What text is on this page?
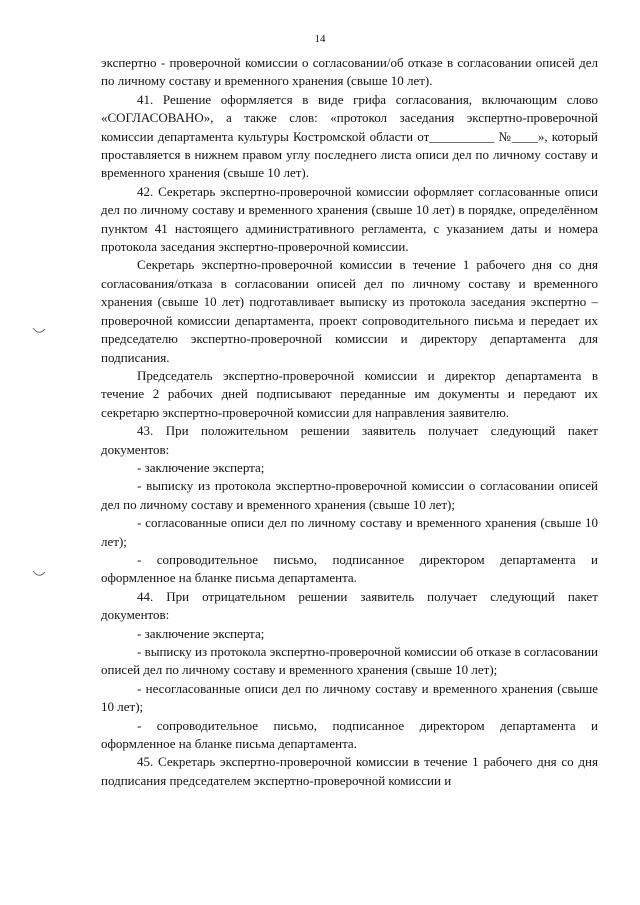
14

экспертно - проверочной комиссии о согласовании/об отказе в согласовании описей дел по личному составу и временного хранения (свыше 10 лет).

41. Решение оформляется в виде грифа согласования, включающим слово «СОГЛАСОВАНО», а также слов: «протокол заседания экспертно-проверочной комиссии департамента культуры Костромской области от__________ №____», который проставляется в нижнем правом углу последнего листа описи дел по личному составу и временного хранения (свыше 10 лет).

42. Секретарь экспертно-проверочной комиссии оформляет согласованные описи дел по личному составу и временного хранения (свыше 10 лет) в порядке, определённом пунктом 41 настоящего административного регламента, с указанием даты и номера протокола заседания экспертно-проверочной комиссии.

Секретарь экспертно-проверочной комиссии в течение 1 рабочего дня со дня согласования/отказа в согласовании описей дел по личному составу и временного хранения (свыше 10 лет) подготавливает выписку из протокола заседания экспертно – проверочной комиссии департамента, проект сопроводительного письма и передает их председателю экспертно-проверочной комиссии и директору департамента для подписания.

Председатель экспертно-проверочной комиссии и директор департамента в течение 2 рабочих дней подписывают переданные им документы и передают их секретарю экспертно-проверочной комиссии для направления заявителю.

43. При положительном решении заявитель получает следующий пакет документов:

- заключение эксперта;

- выписку из протокола экспертно-проверочной комиссии о согласовании описей дел по личному составу и временного хранения (свыше 10 лет);

- согласованные описи дел по личному составу и временного хранения (свыше 10 лет);

- сопроводительное письмо, подписанное директором департамента и оформленное на бланке письма департамента.

44. При отрицательном решении заявитель получает следующий пакет документов:

- заключение эксперта;

- выписку из протокола экспертно-проверочной комиссии об отказе в согласовании описей дел по личному составу и временного хранения (свыше 10 лет);

- несогласованные описи дел по личному составу и временного хранения (свыше 10 лет);

- сопроводительное письмо, подписанное директором департамента и оформленное на бланке письма департамента.

45. Секретарь экспертно-проверочной комиссии в течение 1 рабочего дня со дня подписания председателем экспертно-проверочной комиссии и
